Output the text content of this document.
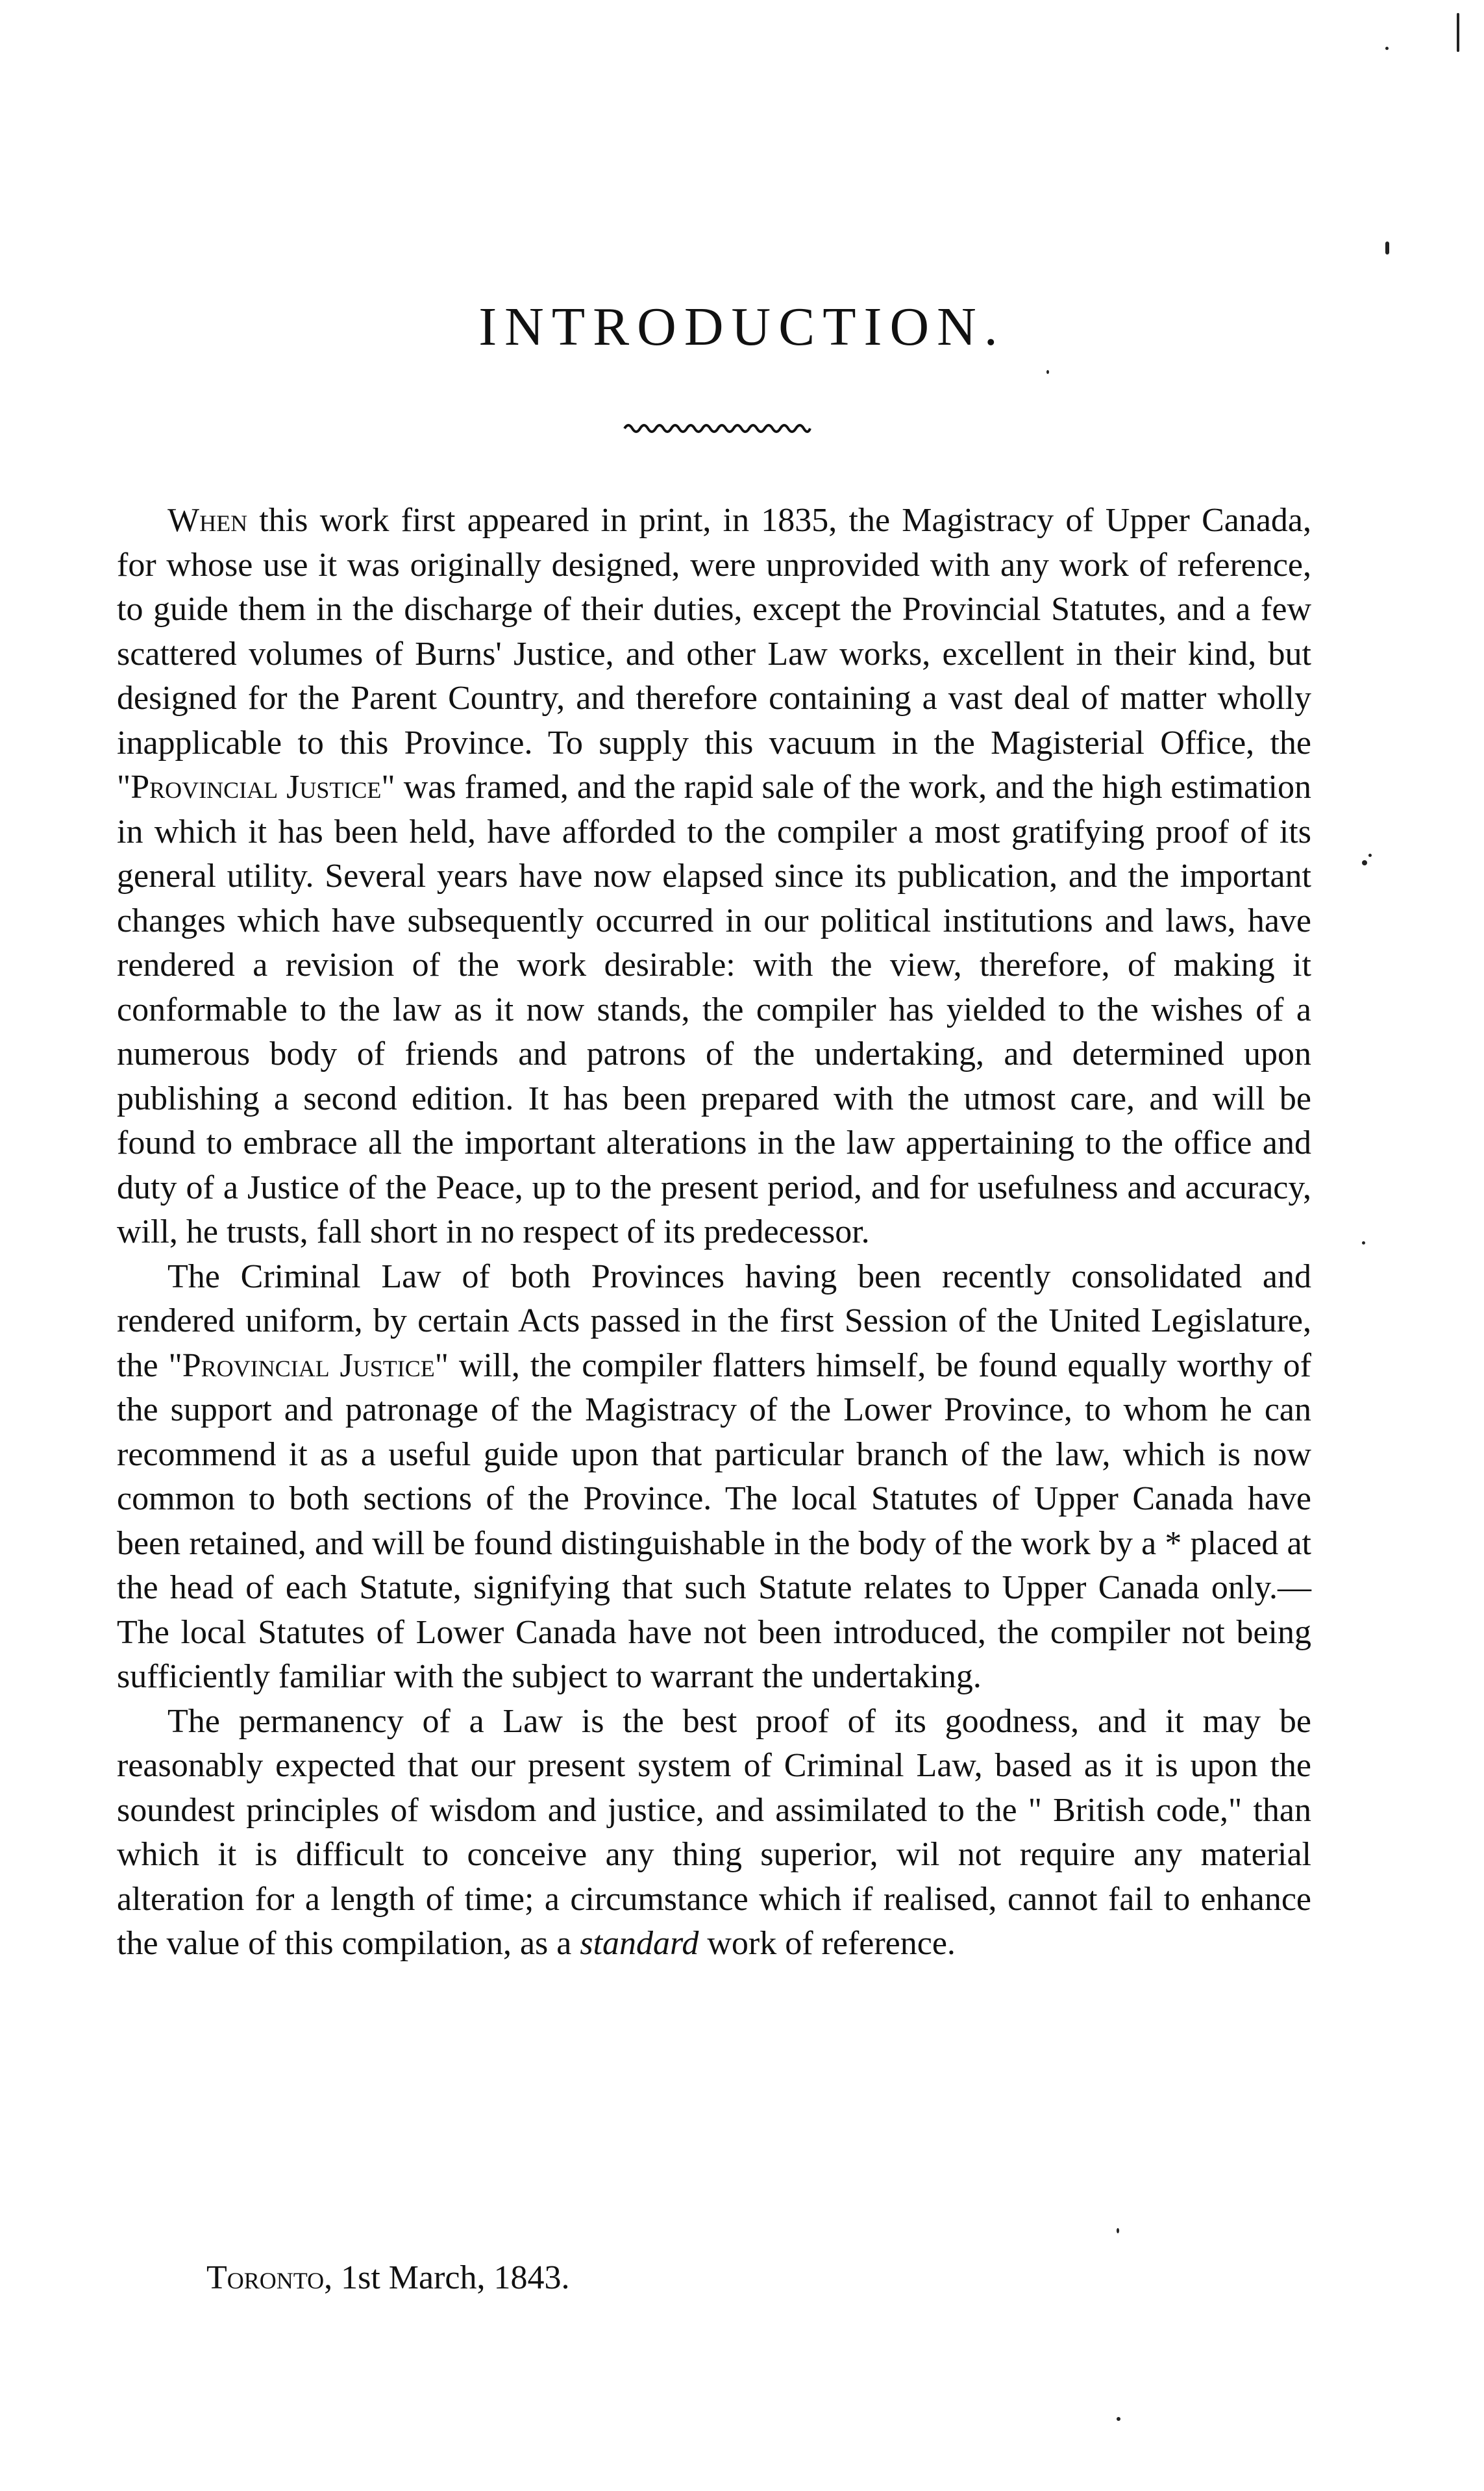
INTRODUCTION.

When this work first appeared in print, in 1835, the Magistracy of Upper Canada, for whose use it was originally designed, were unprovided with any work of reference, to guide them in the discharge of their duties, except the Provincial Statutes, and a few scattered volumes of Burns' Justice, and other Law works, excellent in their kind, but designed for the Parent Country, and therefore containing a vast deal of matter wholly inapplicable to this Province. To supply this vacuum in the Magisterial Office, the "Provincial Justice" was framed, and the rapid sale of the work, and the high estimation in which it has been held, have afforded to the compiler a most gratifying proof of its general utility. Several years have now elapsed since its publication, and the important changes which have subsequently occurred in our political institutions and laws, have rendered a revision of the work desirable: with the view, therefore, of making it conformable to the law as it now stands, the compiler has yielded to the wishes of a numerous body of friends and patrons of the undertaking, and determined upon publishing a second edition. It has been prepared with the utmost care, and will be found to embrace all the important alterations in the law appertaining to the office and duty of a Justice of the Peace, up to the present period, and for usefulness and accuracy, will, he trusts, fall short in no respect of its predecessor.

The Criminal Law of both Provinces having been recently consolidated and rendered uniform, by certain Acts passed in the first Session of the United Legislature, the "Provincial Justice" will, the compiler flatters himself, be found equally worthy of the support and patronage of the Magistracy of the Lower Province, to whom he can recommend it as a useful guide upon that particular branch of the law, which is now common to both sections of the Province. The local Statutes of Upper Canada have been retained, and will be found distinguishable in the body of the work by a * placed at the head of each Statute, signifying that such Statute relates to Upper Canada only.— The local Statutes of Lower Canada have not been introduced, the compiler not being sufficiently familiar with the subject to warrant the undertaking.

The permanency of a Law is the best proof of its goodness, and it may be reasonably expected that our present system of Criminal Law, based as it is upon the soundest principles of wisdom and justice, and assimilated to the " British code," than which it is difficult to conceive any thing superior, wil not require any material alteration for a length of time; a circumstance which if realised, cannot fail to enhance the value of this compilation, as a standard work of reference.

Toronto, 1st March, 1843.
